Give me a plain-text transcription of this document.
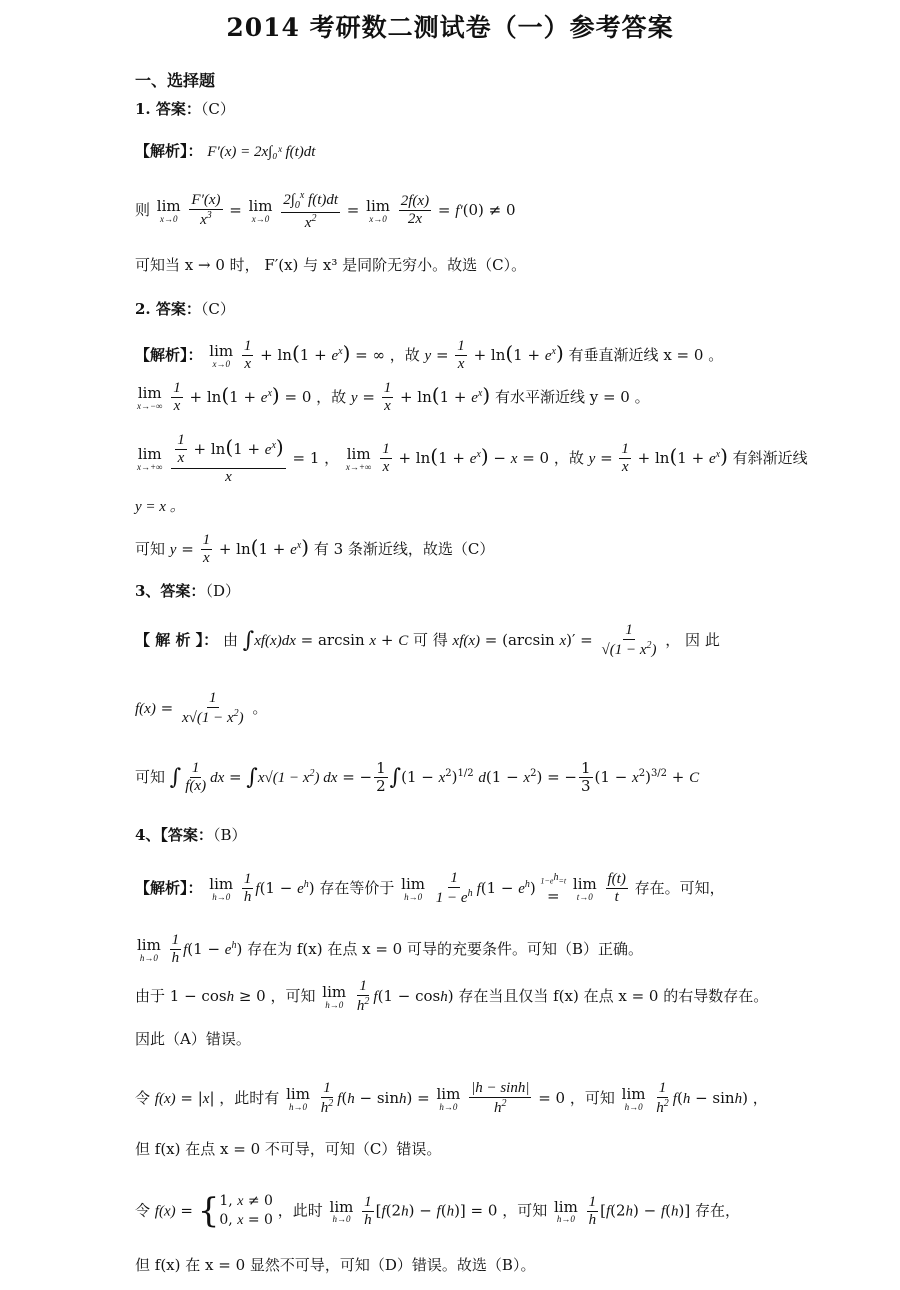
2014 考研数二测试卷（一）参考答案
一、选择题
1. 答案：（C）
【解析】： F′(x) = 2x∫₀ˣ f(t)dt
则 lim
x→0
$\frac{F'(x)}{x^3} = \lim$
x→0
$\frac{2\int_0^x f(t)dt}{x^2} = \lim$
x→0
$\frac{2f(x)}{2x} = f'(0) \ne 0$
可知当 x → 0 时， F′(x) 与 x³ 是同阶无穷小。故选（C）。
2. 答案：（C）
【解析】： lim
x→0
$\frac{1}{x} + \ln(1 + e^x)$ = ∞ ，故 $y = \frac{1}{x} + \ln(1 + e^x)$ 有垂直渐近线 x = 0 。
lim
x→−∞
$\frac{1}{x} + \ln(1 + e^x) = 0$ ，故 $y = \frac{1}{x} + \ln(1 + e^x)$ 有水平渐近线 y = 0 。
lim
x→+∞
$\frac{\frac{1}{x} + \ln(1 + e^x)}{x} = 1$ ， lim
x→+∞
$\frac{1}{x} + \ln(1 + e^x) - x = 0$ ，故 $y = \frac{1}{x} + \ln(1 + e^x)$ 有斜渐近线
y = x 。
可知 $y = \frac{1}{x} + \ln(1 + e^x)$ 有 3 条渐近线，故选（C）
3、答案：（D）
【 解 析 】： 由 ∫xf(x)dx = arcsin x + C 可 得 xf(x) = (arcsin $x)' = \frac{1}{√(1 - x^2)}$ ， 因 此
$f(x) = \frac{1}{x√(1 - x^2)}$ 。
可知 ∫ $\frac{1}{f(x)}$ dx = $\int x√(1 - x^2)$ dx = − $\frac{1}{2} \int(1 - x^2)^{1/2}$ $d(1 - x^2)$ = − $\frac{1}{3} (1 - x^2)^{3/2} + C$
4、【答案：（B）
【解析】： lim
h→0
$\frac{1}{h} f(1 - e^h)$ 存在等价于 lim
h→0
$\frac{1}{1 - e^h} f(1 - e^h)$ $1-e^h=t$
=

lim
t→0
$\frac{f(t)}{t}$ 存在。可知，
lim
h→0
$\frac{1}{h} f(1 - e^h)$ 存在为 f(x) 在点 x = 0 可导的充要条件。可知（B）正确。
由于 1 − cosh ≥ 0 ，可知 lim
h→0
$\frac{1}{h^2} f(1 - \cosh)$ 存在当且仅当 f(x) 在点 x = 0 的右导数存在。
因此（A）错误。
令 f(x) = |x| ，此时有 lim
h→0
$\frac{1}{h^2} f(h - \sinh) = \lim$
h→0
$\frac{|h - \sinh|}{h^2} = 0$ ，可知 lim
h→0
$\frac{1}{h^2} f(h - \sinh)$ ，
但 f(x) 在点 x = 0 不可导，可知（C）错误。
令 f(x) = { 1, x ≠ 0
0, x = 0
，此时 lim
h→0
$\frac{1}{h} [f(2h) - f(h)] = 0$ ，可知 lim
h→0
$\frac{1}{h} [f(2h) - f(h)]$ 存在，
但 f(x) 在 x = 0 显然不可导，可知（D）错误。故选（B）。
